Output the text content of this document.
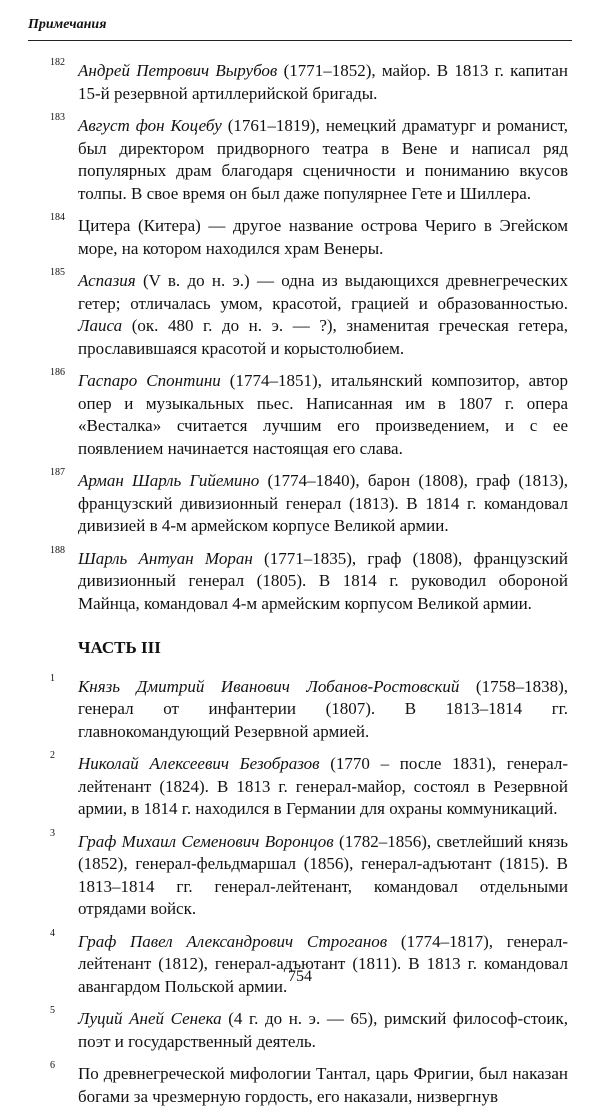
Примечания
182 Андрей Петрович Вырубов (1771–1852), майор. В 1813 г. капитан 15-й резервной артиллерийской бригады.
183 Август фон Коцебу (1761–1819), немецкий драматург и романист, был директором придворного театра в Вене и написал ряд популярных драм благодаря сценичности и пониманию вкусов толпы. В свое время он был даже популярнее Гете и Шиллера.
184 Цитера (Китера) — другое название острова Чериго в Эгейском море, на котором находился храм Венеры.
185 Аспазия (V в. до н. э.) — одна из выдающихся древнегреческих гетер; отличалась умом, красотой, грацией и образованностью. Лаиса (ок. 480 г. до н. э. — ?), знаменитая греческая гетера, прославившаяся красотой и корыстолюбием.
186 Гаспаро Спонтини (1774–1851), итальянский композитор, автор опер и музыкальных пьес. Написанная им в 1807 г. опера «Весталка» считается лучшим его произведением, и с ее появлением начинается настоящая его слава.
187 Арман Шарль Гийемино (1774–1840), барон (1808), граф (1813), французский дивизионный генерал (1813). В 1814 г. командовал дивизией в 4-м армейском корпусе Великой армии.
188 Шарль Антуан Моран (1771–1835), граф (1808), французский дивизионный генерал (1805). В 1814 г. руководил обороной Майнца, командовал 4-м армейским корпусом Великой армии.
ЧАСТЬ III
1 Князь Дмитрий Иванович Лобанов-Ростовский (1758–1838), генерал от инфантерии (1807). В 1813–1814 гг. главнокомандующий Резервной армией.
2 Николай Алексеевич Безобразов (1770 – после 1831), генерал-лейтенант (1824). В 1813 г. генерал-майор, состоял в Резервной армии, в 1814 г. находился в Германии для охраны коммуникаций.
3 Граф Михаил Семенович Воронцов (1782–1856), светлейший князь (1852), генерал-фельдмаршал (1856), генерал-адъютант (1815). В 1813–1814 гг. генерал-лейтенант, командовал отдельными отрядами войск.
4 Граф Павел Александрович Строганов (1774–1817), генерал-лейтенант (1812), генерал-адъютант (1811). В 1813 г. командовал авангардом Польской армии.
5 Луций Аней Сенека (4 г. до н. э. — 65), римский философ-стоик, поэт и государственный деятель.
6 По древнегреческой мифологии Тантал, царь Фригии, был наказан богами за чрезмерную гордость, его наказали, низвергнув
754
